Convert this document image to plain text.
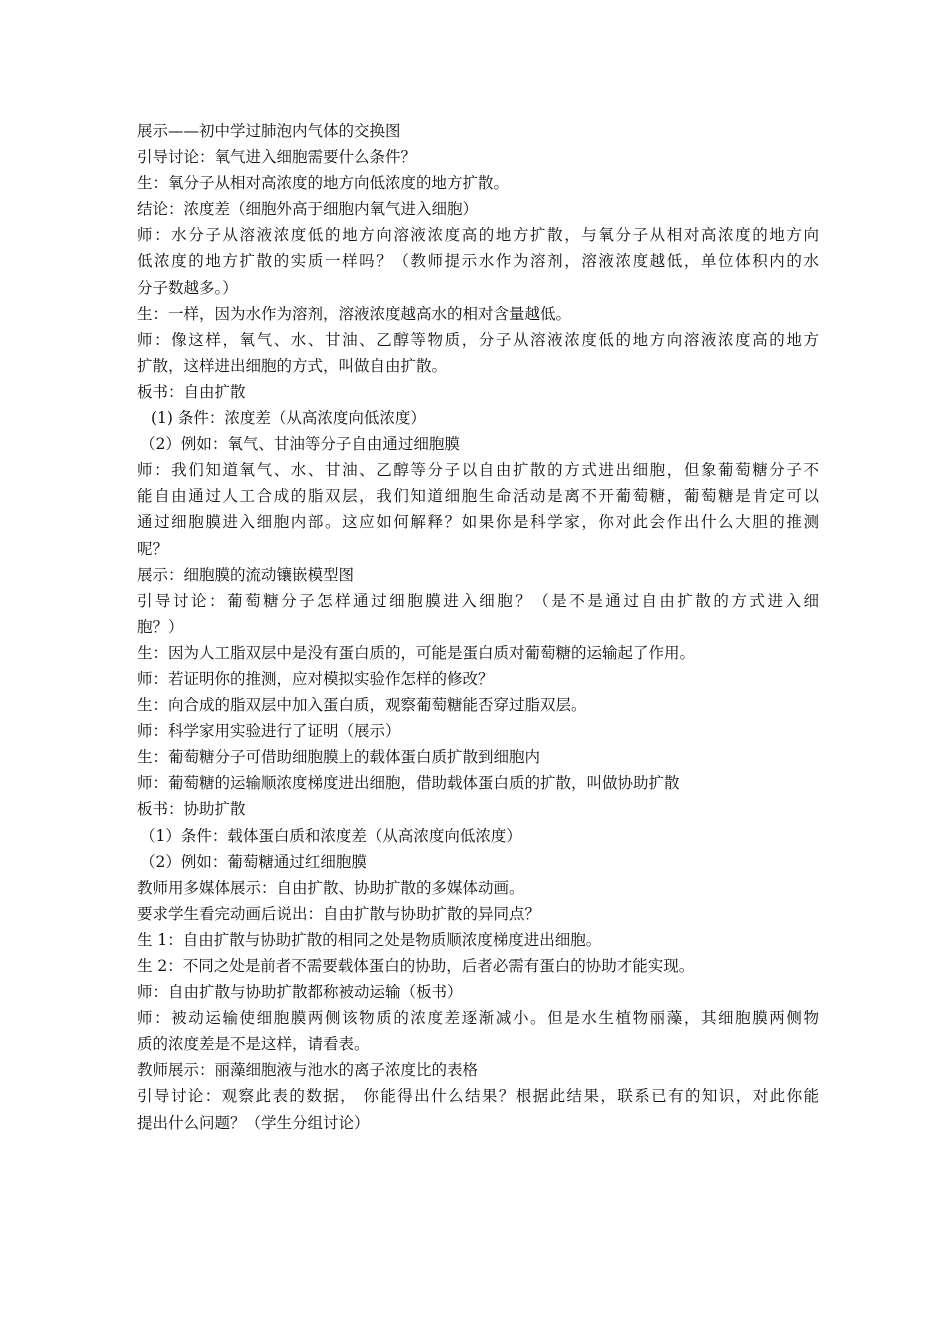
展示——初中学过肺泡内气体的交换图
引导讨论：氧气进入细胞需要什么条件？
生：氧分子从相对高浓度的地方向低浓度的地方扩散。
结论：浓度差（细胞外高于细胞内氧气进入细胞）
师：水分子从溶液浓度低的地方向溶液浓度高的地方扩散，与氧分子从相对高浓度的地方向
低浓度的地方扩散的实质一样吗？（教师提示水作为溶剂，溶液浓度越低，单位体积内的水
分子数越多。）
生：一样，因为水作为溶剂，溶液浓度越高水的相对含量越低。
师：像这样，氧气、水、甘油、乙醇等物质，分子从溶液浓度低的地方向溶液浓度高的地方
扩散，这样进出细胞的方式，叫做自由扩散。
板书：自由扩散
(1) 条件：浓度差（从高浓度向低浓度）
（2）例如：氧气、甘油等分子自由通过细胞膜
师：我们知道氧气、水、甘油、乙醇等分子以自由扩散的方式进出细胞，但象葡萄糖分子不
能自由通过人工合成的脂双层，我们知道细胞生命活动是离不开葡萄糖，葡萄糖是肯定可以
通过细胞膜进入细胞内部。这应如何解释？如果你是科学家，你对此会作出什么大胆的推测
呢？
展示：细胞膜的流动镶嵌模型图
引导讨论：葡萄糖分子怎样通过细胞膜进入细胞？（是不是通过自由扩散的方式进入细
胞？）
生：因为人工脂双层中是没有蛋白质的，可能是蛋白质对葡萄糖的运输起了作用。
师：若证明你的推测，应对模拟实验作怎样的修改？
生：向合成的脂双层中加入蛋白质，观察葡萄糖能否穿过脂双层。
师：科学家用实验进行了证明（展示）
生：葡萄糖分子可借助细胞膜上的载体蛋白质扩散到细胞内
师：葡萄糖的运输顺浓度梯度进出细胞，借助载体蛋白质的扩散，叫做协助扩散
板书：协助扩散
（1）条件：载体蛋白质和浓度差（从高浓度向低浓度）
（2）例如：葡萄糖通过红细胞膜
教师用多媒体展示：自由扩散、协助扩散的多媒体动画。
要求学生看完动画后说出：自由扩散与协助扩散的异同点？
生 1：自由扩散与协助扩散的相同之处是物质顺浓度梯度进出细胞。
生 2：不同之处是前者不需要载体蛋白的协助，后者必需有蛋白的协助才能实现。
师：自由扩散与协助扩散都称被动运输（板书）
师：被动运输使细胞膜两侧该物质的浓度差逐渐减小。但是水生植物丽藻，其细胞膜两侧物
质的浓度差是不是这样，请看表。
教师展示：丽藻细胞液与池水的离子浓度比的表格
引导讨论：观察此表的数据， 你能得出什么结果？根据此结果，联系已有的知识，对此你能
提出什么问题？（学生分组讨论）
